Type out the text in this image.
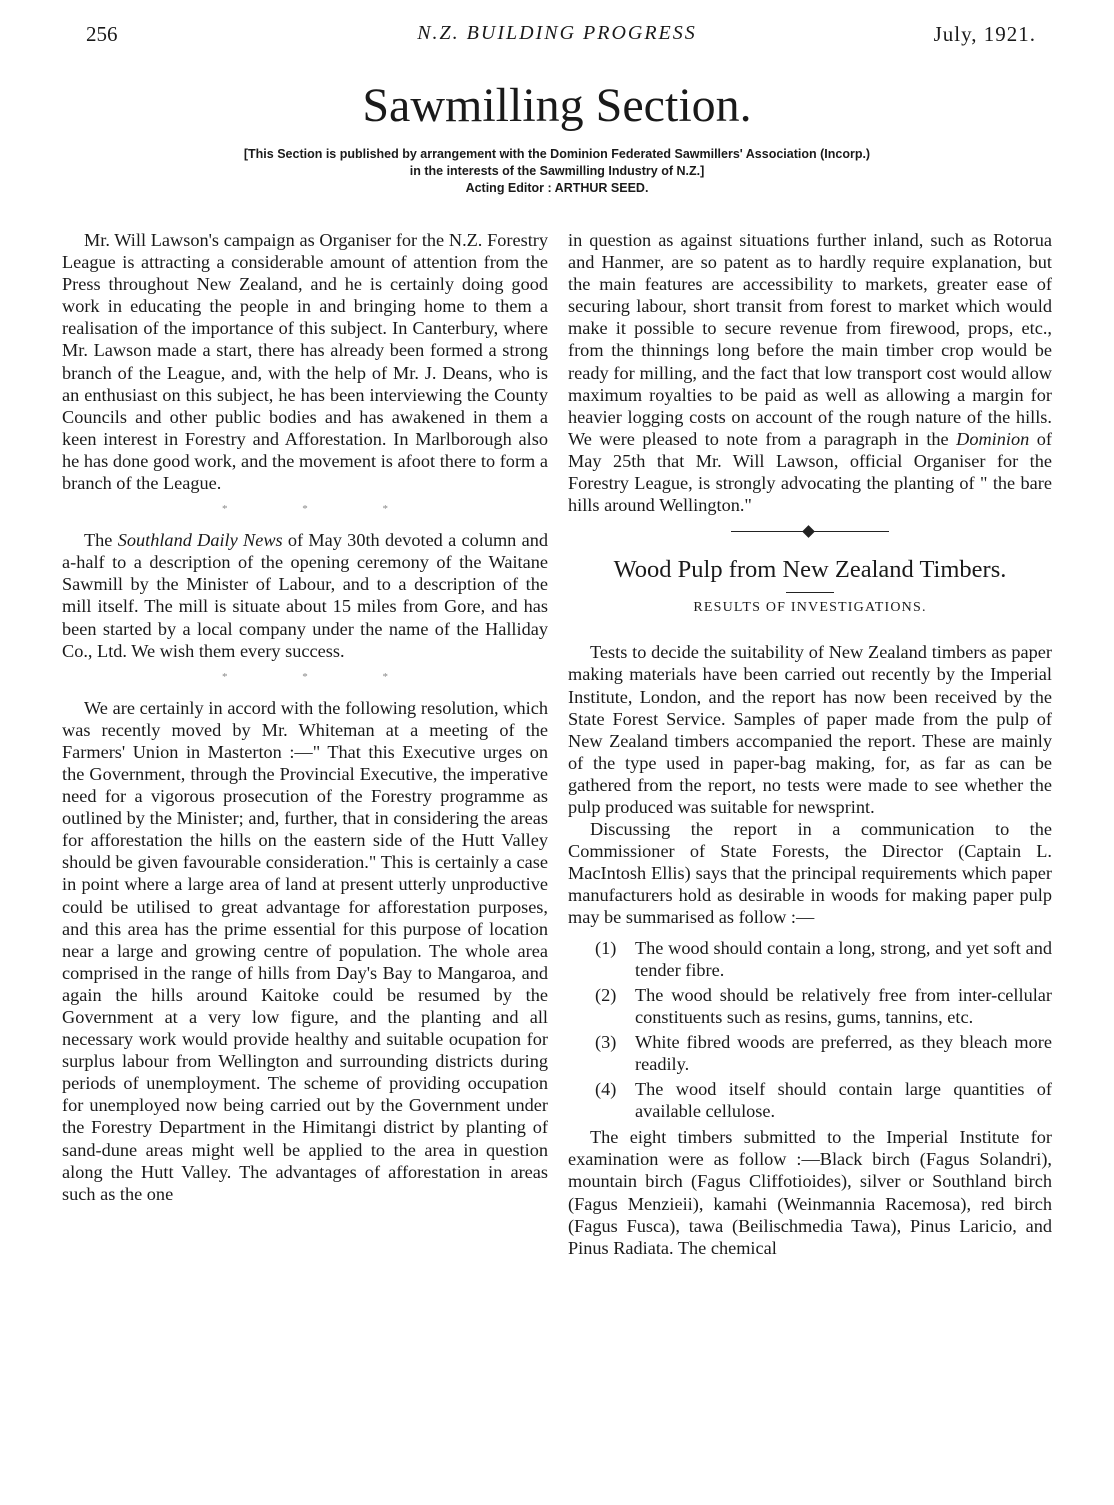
256	N.Z. BUILDING PROGRESS	July, 1921.
Sawmilling Section.
[This Section is published by arrangement with the Dominion Federated Sawmillers' Association (Incorp.)
in the interests of the Sawmilling Industry of N.Z.]
Acting Editor : ARTHUR SEED.

Mr. Will Lawson's campaign as Organiser for the N.Z. Forestry League is attracting a considerable amount of attention from the Press throughout New Zealand, and he is certainly doing good work in educating the people in and bringing home to them a realisation of the importance of this subject. In Canterbury, where Mr. Lawson made a start, there has already been formed a strong branch of the League, and, with the help of Mr. J. Deans, who is an enthusiast on this subject, he has been interviewing the County Councils and other public bodies and has awakened in them a keen interest in Forestry and Afforestation. In Marlborough also he has done good work, and the movement is afoot there to form a branch of the League.

* * *

The Southland Daily News of May 30th devoted a column and a-half to a description of the opening ceremony of the Waitane Sawmill by the Minister of Labour, and to a description of the mill itself. The mill is situate about 15 miles from Gore, and has been started by a local company under the name of the Halliday Co., Ltd. We wish them every success.

* * *

We are certainly in accord with the following resolution, which was recently moved by Mr. Whiteman at a meeting of the Farmers' Union in Masterton :—" That this Executive urges on the Government, through the Provincial Executive, the imperative need for a vigorous prosecution of the Forestry programme as outlined by the Minister; and, further, that in considering the areas for afforestation the hills on the eastern side of the Hutt Valley should be given favourable consideration." This is certainly a case in point where a large area of land at present utterly unproductive could be utilised to great advantage for afforestation purposes, and this area has the prime essential for this purpose of location near a large and growing centre of population. The whole area comprised in the range of hills from Day's Bay to Mangaroa, and again the hills around Kaitoke could be resumed by the Government at a very low figure, and the planting and all necessary work would provide healthy and suitable ocupation for surplus labour from Wellington and surrounding districts during periods of unemployment. The scheme of providing occupation for unemployed now being carried out by the Government under the Forestry Department in the Himitangi district by planting of sand-dune areas might well be applied to the area in question along the Hutt Valley. The advantages of afforestation in areas such as the one

in question as against situations further inland, such as Rotorua and Hanmer, are so patent as to hardly require explanation, but the main features are accessibility to markets, greater ease of securing labour, short transit from forest to market which would make it possible to secure revenue from firewood, props, etc., from the thinnings long before the main timber crop would be ready for milling, and the fact that low transport cost would allow maximum royalties to be paid as well as allowing a margin for heavier logging costs on account of the rough nature of the hills. We were pleased to note from a paragraph in the Dominion of May 25th that Mr. Will Lawson, official Organiser for the Forestry League, is strongly advocating the planting of " the bare hills around Wellington."

Wood Pulp from New Zealand Timbers.
RESULTS OF INVESTIGATIONS.

Tests to decide the suitability of New Zealand timbers as paper making materials have been carried out recently by the Imperial Institute, London, and the report has now been received by the State Forest Service. Samples of paper made from the pulp of New Zealand timbers accompanied the report. These are mainly of the type used in paper-bag making, for, as far as can be gathered from the report, no tests were made to see whether the pulp produced was suitable for newsprint.

Discussing the report in a communication to the Commissioner of State Forests, the Director (Captain L. MacIntosh Ellis) says that the principal requirements which paper manufacturers hold as desirable in woods for making paper pulp may be summarised as follow :—

(1) The wood should contain a long, strong, and yet soft and tender fibre.
(2) The wood should be relatively free from inter-cellular constituents such as resins, gums, tannins, etc.
(3) White fibred woods are preferred, as they bleach more readily.
(4) The wood itself should contain large quantities of available cellulose.

The eight timbers submitted to the Imperial Institute for examination were as follow :—Black birch (Fagus Solandri), mountain birch (Fagus Cliffotioides), silver or Southland birch (Fagus Menzieii), kamahi (Weinmannia Racemosa), red birch (Fagus Fusca), tawa (Beilischmedia Tawa), Pinus Laricio, and Pinus Radiata. The chemical
